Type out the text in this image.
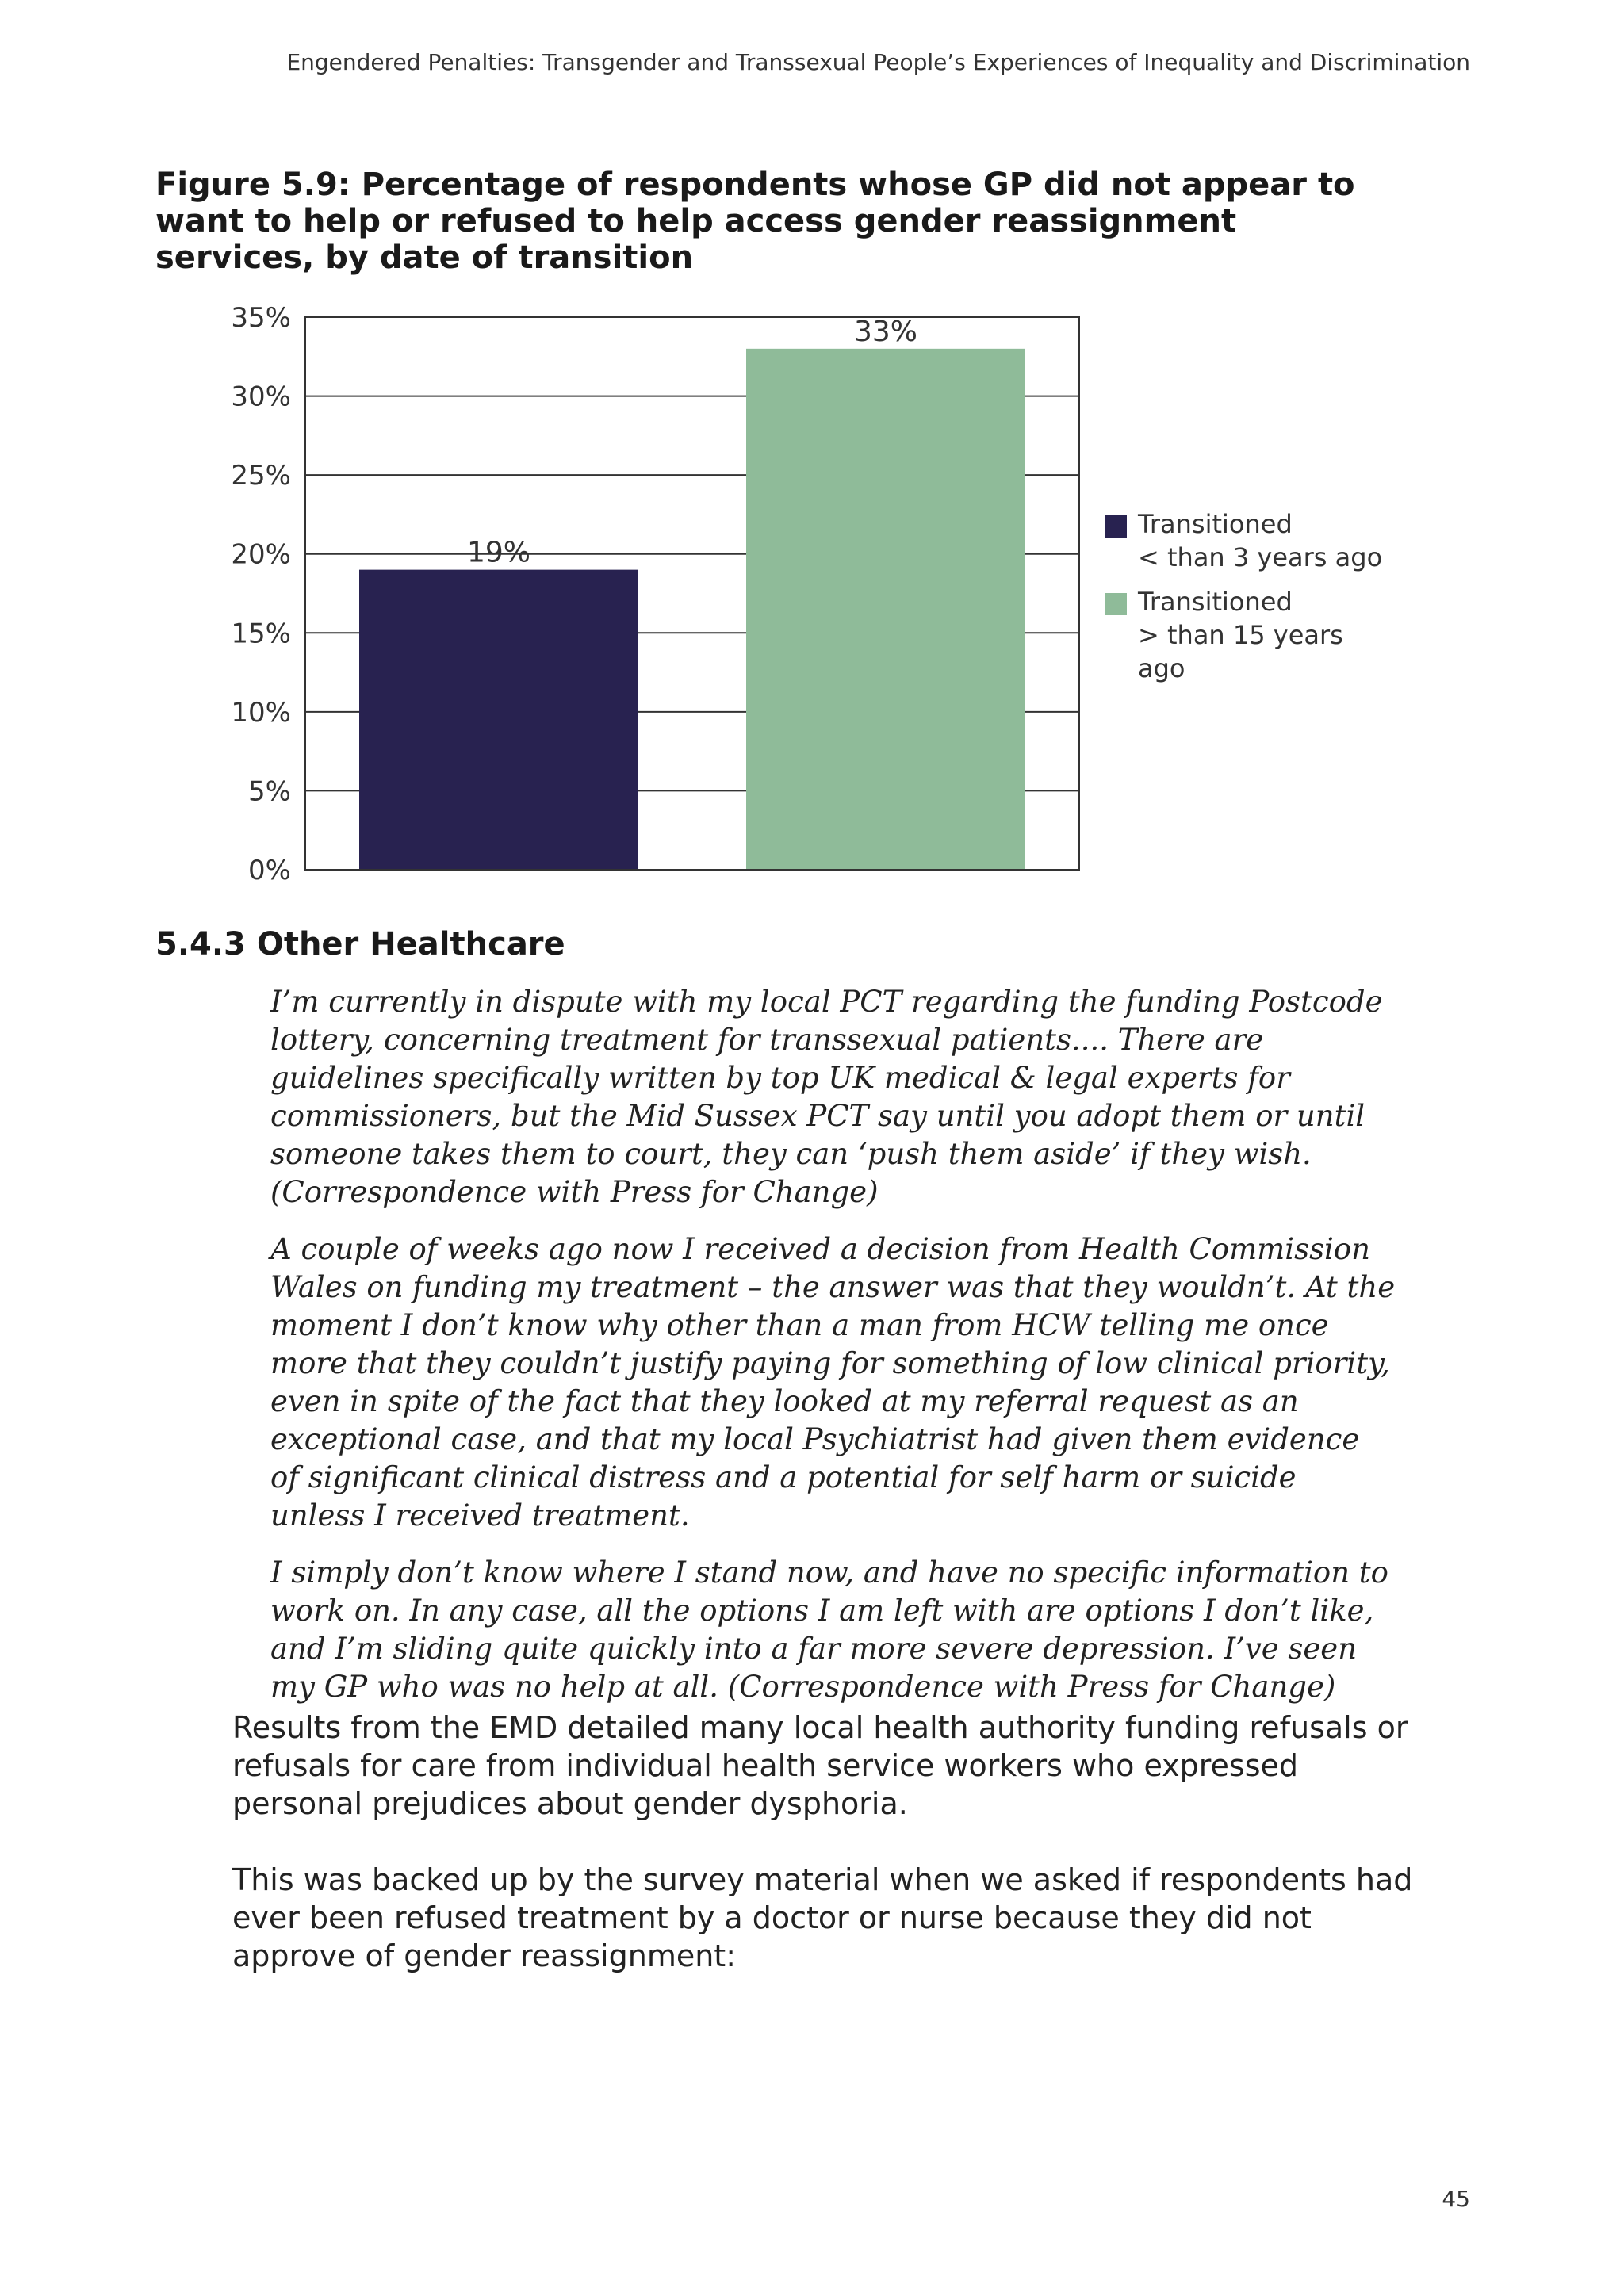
Engendered Penalties: Transgender and Transsexual People’s Experiences of Inequality and Discrimination
Figure 5.9: Percentage of respondents whose GP did not appear to want to help or refused to help access gender reassignment services, by date of transition
19%
33%
0%
5%
10%
15%
20%
25%
30%
35%
Transitioned
< than 3 years ago
Transitioned
> than 15 years ago
5.4.3 Other Healthcare

I’m currently in dispute with my local PCT regarding the funding Postcode lottery, concerning treatment for transsexual patients.... There are guidelines specifically written by top UK medical & legal experts for commissioners, but the Mid Sussex PCT say until you adopt them or until someone takes them to court, they can ‘push them aside’ if they wish. (Correspondence with Press for Change)

A couple of weeks ago now I received a decision from Health Commission Wales on funding my treatment – the answer was that they wouldn’t. At the moment I don’t know why other than a man from HCW telling me once more that they couldn’t justify paying for something of low clinical priority, even in spite of the fact that they looked at my referral request as an exceptional case, and that my local Psychiatrist had given them evidence of significant clinical distress and a potential for self harm or suicide unless I received treatment.

I simply don’t know where I stand now, and have no specific information to work on. In any case, all the options I am left with are options I don’t like, and I’m sliding quite quickly into a far more severe depression. I’ve seen my GP who was no help at all. (Correspondence with Press for Change)

Results from the EMD detailed many local health authority funding refusals or refusals for care from individual health service workers who expressed personal prejudices about gender dysphoria.

This was backed up by the survey material when we asked if respondents had ever been refused treatment by a doctor or nurse because they did not approve of gender reassignment:

45
